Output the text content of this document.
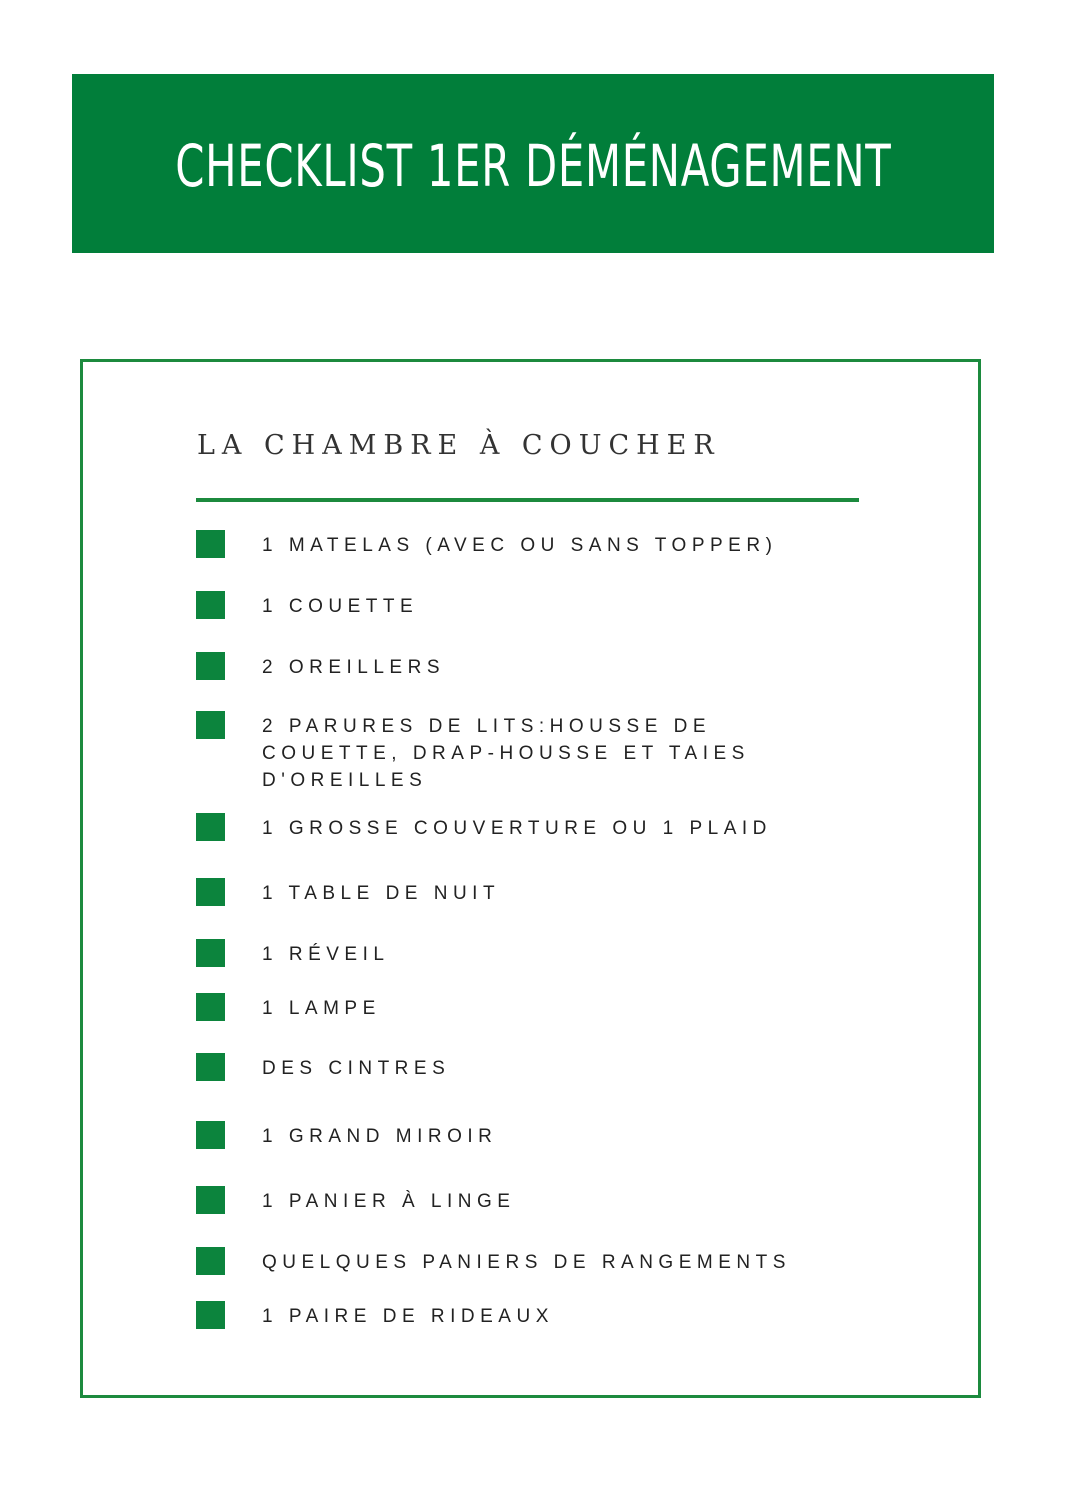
CHECKLIST 1ER DÉMÉNAGEMENT
LA CHAMBRE À COUCHER
1 MATELAS (AVEC OU SANS TOPPER)
1 COUETTE
2 OREILLERS
2 PARURES DE LITS:HOUSSE DE COUETTE, DRAP-HOUSSE ET TAIES D'OREILLES
1 GROSSE COUVERTURE OU 1 PLAID
1 TABLE DE NUIT
1 RÉVEIL
1 LAMPE
DES CINTRES
1 GRAND MIROIR
1 PANIER À LINGE
QUELQUES PANIERS DE RANGEMENTS
1 PAIRE DE RIDEAUX
